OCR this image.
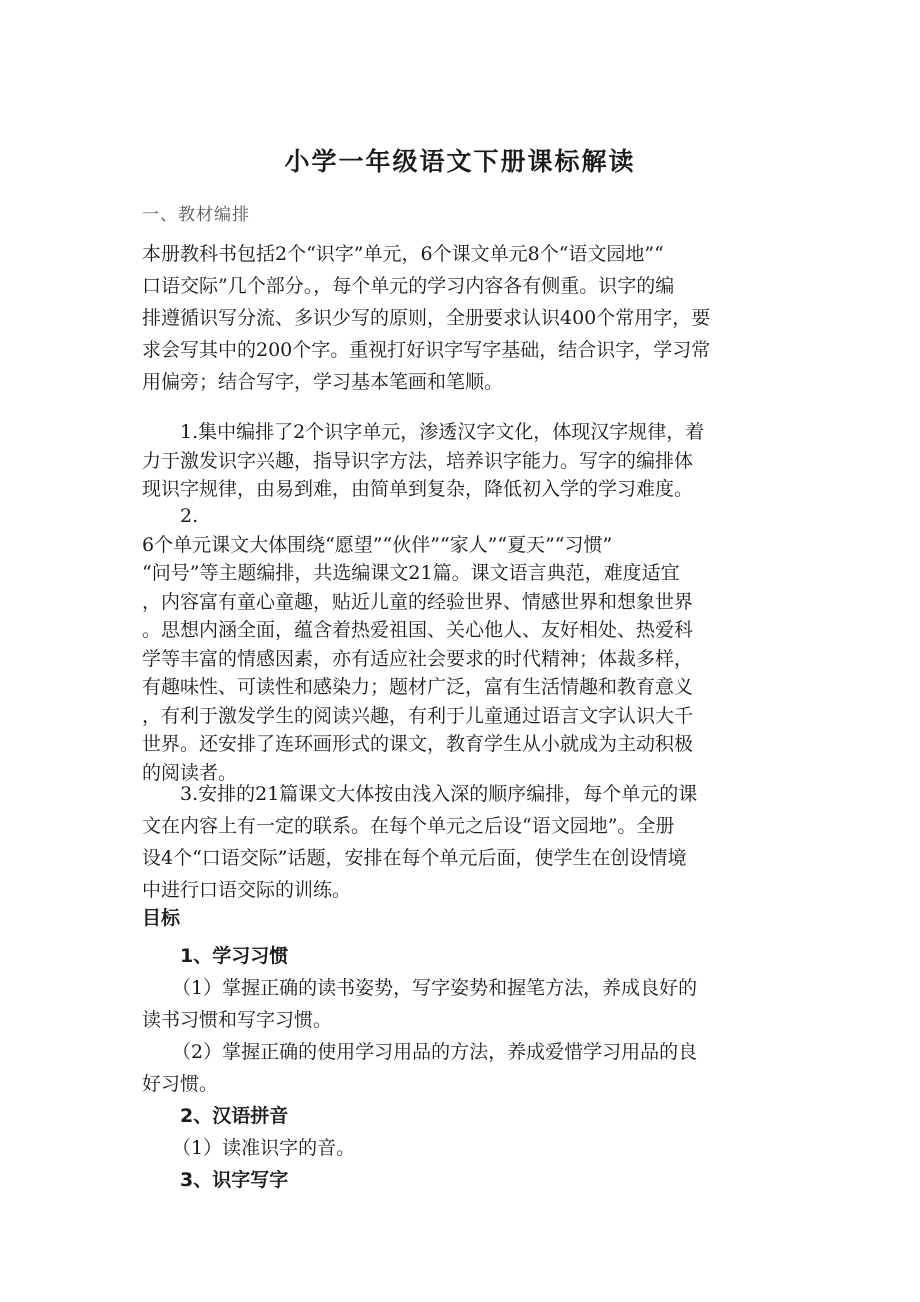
小学一年级语文下册课标解读
一、教材编排
本册教科书包括2个“识字”单元，6个课文单元8个“语文园地”“
口语交际”几个部分。，每个单元的学习内容各有侧重。识字的编
排遵循识写分流、多识少写的原则，全册要求认识400个常用字，要
求会写其中的200个字。重视打好识字写字基础，结合识字，学习常
用偏旁；结合写字，学习基本笔画和笔顺。
1.集中编排了2个识字单元，渗透汉字文化，体现汉字规律，着
力于激发识字兴趣，指导识字方法，培养识字能力。写字的编排体
现识字规律，由易到难，由简单到复杂，降低初入学的学习难度。
2.
6个单元课文大体围绕“愿望”“伙伴”“家人”“夏天”“习惯”
“问号”等主题编排，共选编课文21篇。课文语言典范，难度适宜
，内容富有童心童趣，贴近儿童的经验世界、情感世界和想象世界
。思想内涵全面，蕴含着热爱祖国、关心他人、友好相处、热爱科
学等丰富的情感因素，亦有适应社会要求的时代精神；体裁多样，
有趣味性、可读性和感染力；题材广泛，富有生活情趣和教育意义
，有利于激发学生的阅读兴趣，有利于儿童通过语言文字认识大千
世界。还安排了连环画形式的课文，教育学生从小就成为主动积极
的阅读者。
3.安排的21篇课文大体按由浅入深的顺序编排，每个单元的课
文在内容上有一定的联系。在每个单元之后设“语文园地”。全册
设4个“口语交际”话题，安排在每个单元后面，使学生在创设情境
中进行口语交际的训练。
目标
1、学习习惯
（1）掌握正确的读书姿势，写字姿势和握笔方法，养成良好的
读书习惯和写字习惯。
（2）掌握正确的使用学习用品的方法，养成爱惜学习用品的良
好习惯。
2、汉语拼音
（1）读准识字的音。
3、识字写字
